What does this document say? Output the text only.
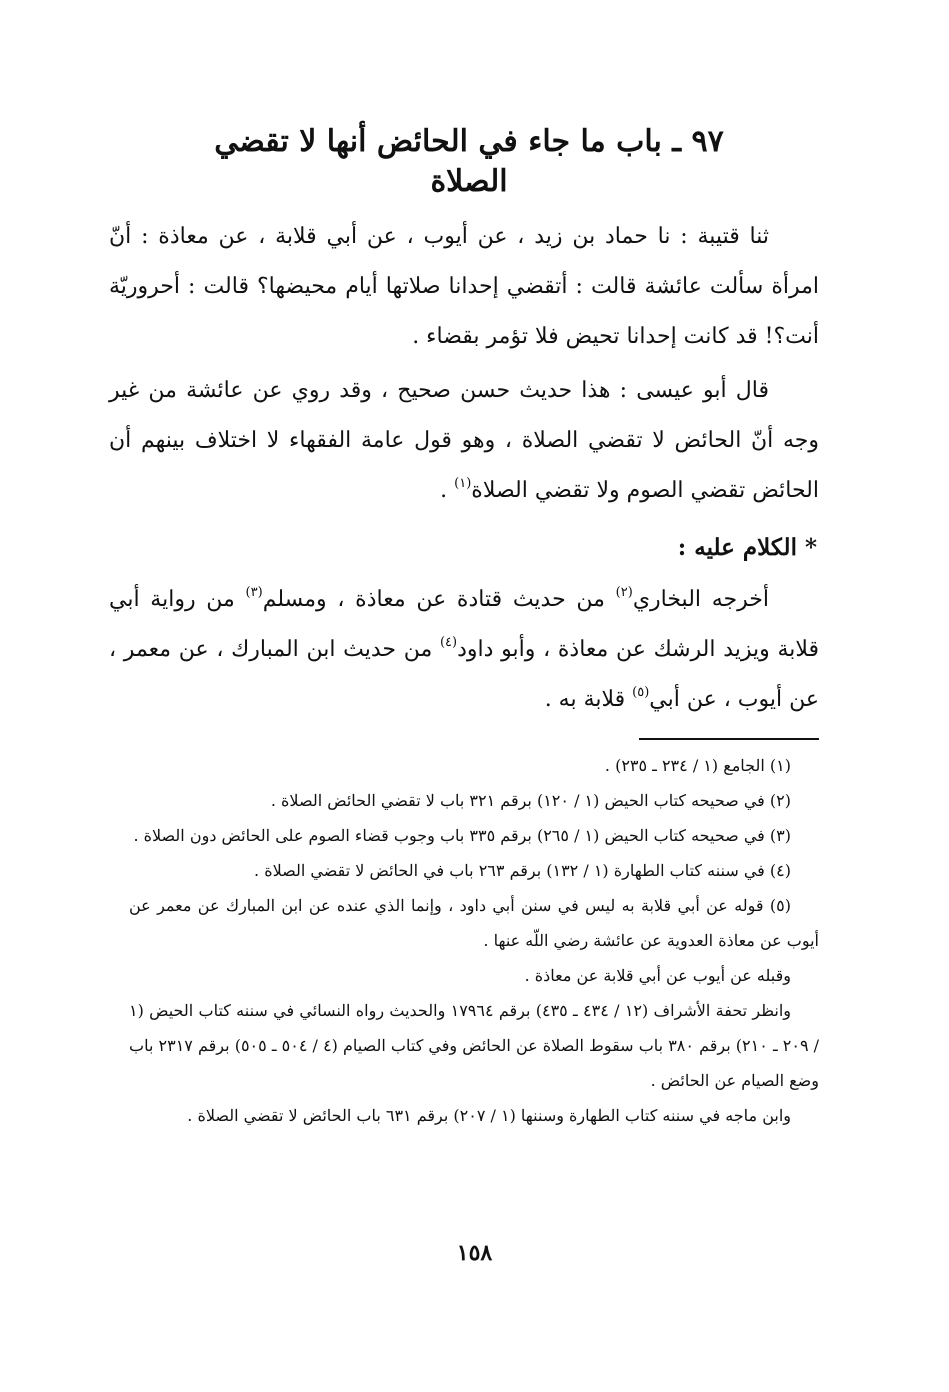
٩٧ ـ باب ما جاء في الحائض أنها لا تقضي الصلاة

ثنا قتيبة : نا حماد بن زيد ، عن أيوب ، عن أبي قلابة ، عن معاذة : أنّ امرأة سألت عائشة قالت : أتقضي إحدانا صلاتها أيام محيضها؟ قالت : أحروريّة أنت؟! قد كانت إحدانا تحيض فلا تؤمر بقضاء .

قال أبو عيسى : هذا حديث حسن صحيح ، وقد روي عن عائشة من غير وجه أنّ الحائض لا تقضي الصلاة ، وهو قول عامة الفقهاء لا اختلاف بينهم أن الحائض تقضي الصوم ولا تقضي الصلاة$^{(١)}$ .

* الكلام عليه :

أخرجه البخاري$^{(٢)}$ من حديث قتادة عن معاذة ، ومسلم$^{(٣)}$ من رواية أبي قلابة ويزيد الرشك عن معاذة ، وأبو داود$^{(٤)}$ من حديث ابن المبارك ، عن معمر ، عن أيوب ، عن أبي$^{(٥)}$ قلابة به .

(١) الجامع (١ / ٢٣٤ ـ ٢٣٥) .

(٢) في صحيحه كتاب الحيض (١ / ١٢٠) برقم ٣٢١ باب لا تقضي الحائض الصلاة .

(٣) في صحيحه كتاب الحيض (١ / ٢٦٥) برقم ٣٣٥ باب وجوب قضاء الصوم على الحائض دون الصلاة .

(٤) في سننه كتاب الطهارة (١ / ١٣٢) برقم ٢٦٣ باب في الحائض لا تقضي الصلاة .

(٥) قوله عن أبي قلابة به ليس في سنن أبي داود ، وإنما الذي عنده عن ابن المبارك عن معمر عن أيوب عن معاذة العدوية عن عائشة رضي اللّه عنها .

وقبله عن أيوب عن أبي قلابة عن معاذة .

وانظر تحفة الأشراف (١٢ / ٤٣٤ ـ ٤٣٥) برقم ١٧٩٦٤ والحديث رواه النسائي في سننه كتاب الحيض (١ / ٢٠٩ ـ ٢١٠) برقم ٣٨٠ باب سقوط الصلاة عن الحائض وفي كتاب الصيام (٤ / ٥٠٤ ـ ٥٠٥) برقم ٢٣١٧ باب وضع الصيام عن الحائض .

وابن ماجه في سننه كتاب الطهارة وسننها (١ / ٢٠٧) برقم ٦٣١ باب الحائض لا تقضي الصلاة .

١٥٨
